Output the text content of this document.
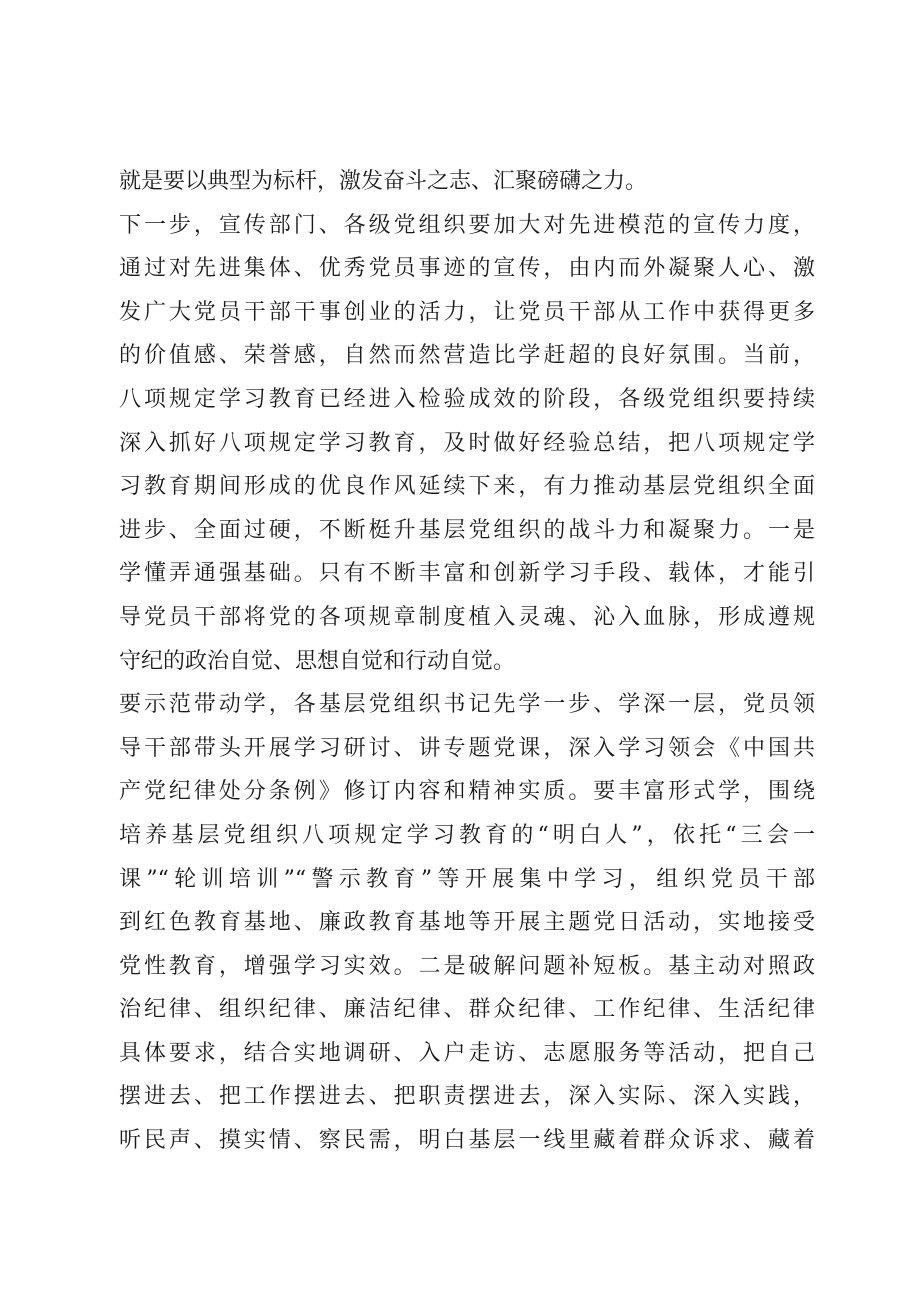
就是要以典型为标杆，激发奋斗之志、汇聚磅礴之力。
下一步，宣传部门、各级党组织要加大对先进模范的宣传力度，
通过对先进集体、优秀党员事迹的宣传，由内而外凝聚人心、激
发广大党员干部干事创业的活力，让党员干部从工作中获得更多
的价值感、荣誉感，自然而然营造比学赶超的良好氛围。当前，
八项规定学习教育已经进入检验成效的阶段，各级党组织要持续
深入抓好八项规定学习教育，及时做好经验总结，把八项规定学
习教育期间形成的优良作风延续下来，有力推动基层党组织全面
进步、全面过硬，不断梃升基层党组织的战斗力和凝聚力。一是
学懂弄通强基础。只有不断丰富和创新学习手段、载体，才能引
导党员干部将党的各项规章制度植入灵魂、沁入血脉，形成遵规
守纪的政治自觉、思想自觉和行动自觉。
要示范带动学，各基层党组织书记先学一步、学深一层，党员领
导干部带头开展学习研讨、讲专题党课，深入学习领会《中国共
产党纪律处分条例》修订内容和精神实质。要丰富形式学，围绕
培养基层党组织八项规定学习教育的“明白人”，依托“三会一
课”“轮训培训”“警示教育”等开展集中学习，组织党员干部
到红色教育基地、廉政教育基地等开展主题党日活动，实地接受
党性教育，增强学习实效。二是破解问题补短板。基主动对照政
治纪律、组织纪律、廉洁纪律、群众纪律、工作纪律、生活纪律
具体要求，结合实地调研、入户走访、志愿服务等活动，把自己
摆进去、把工作摆进去、把职责摆进去，深入实际、深入实践，
听民声、摸实情、察民需，明白基层一线里藏着群众诉求、藏着
